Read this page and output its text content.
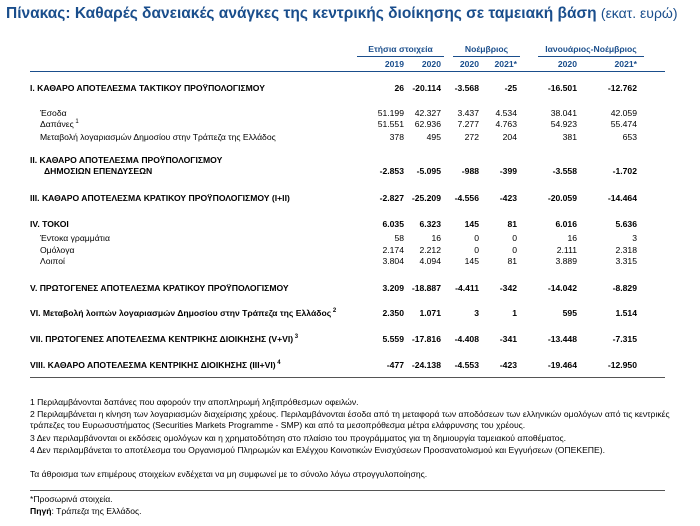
Πίνακας: Καθαρές δανειακές ανάγκες της κεντρικής διοίκησης σε ταμειακή βάση (εκατ. ευρώ)
Ετήσια στοιχεία	Νοέμβριος	Ιανουάριος-Νοέμβριος
2019	2020	2020	2021*	2020	2021*
I. ΚΑΘΑΡΟ ΑΠΟΤΕΛΕΣΜΑ ΤΑΚΤΙΚΟΥ ΠΡΟΫΠΟΛΟΓΙΣΜΟΥ	26 -20.114	-3.568	-25	-16.501	-12.762
Έσοδα	51.199	42.327	3.437	4.534	38.041	42.059
Δαπάνες $^1$	51.551	62.936	7.277	4.763	54.923	55.474
Μεταβολή λογαριασμών Δημοσίου στην Τράπεζα της Ελλάδος	378	495	272	204	381	653
II. ΚΑΘΑΡΟ ΑΠΟΤΕΛΕΣΜΑ ΠΡΟΫΠΟΛΟΓΙΣΜΟΥ
ΔΗΜΟΣΙΩΝ ΕΠΕΝΔΥΣΕΩΝ	-2.853	-5.095	-988	-399	-3.558	-1.702
III. ΚΑΘΑΡΟ ΑΠΟΤΕΛΕΣΜΑ ΚΡΑΤΙΚΟΥ ΠΡΟΫΠΟΛΟΓΙΣΜΟΥ (I+II)	-2.827 -25.209	-4.556	-423	-20.059	-14.464
IV. ΤΟΚΟΙ	6.035	6.323	145	81	6.016	5.636
Έντοκα γραμμάτια	58	16	0	0	16	3
Ομόλογα	2.174	2.212	0	0	2.111	2.318
Λοιποί	3.804	4.094	145	81	3.889	3.315
V. ΠΡΩΤΟΓΕΝΕΣ ΑΠΟΤΕΛΕΣΜΑ ΚΡΑΤΙΚΟΥ ΠΡΟΫΠΟΛΟΓΙΣΜΟΥ	3.209 -18.887	-4.411	-342	-14.042	-8.829
VI. Μεταβολή λοιπών λογαριασμών Δημοσίου στην Τράπεζα της Ελλάδος $^2$	2.350	1.071	3	1	595	1.514
VII. ΠΡΩΤΟΓΕΝΕΣ ΑΠΟΤΕΛΕΣΜΑ ΚΕΝΤΡΙΚΗΣ ΔΙΟΙΚΗΣΗΣ (V+VI) $^3$	5.559 -17.816	-4.408	-341	-13.448	-7.315
VIII. ΚΑΘΑΡΟ ΑΠΟΤΕΛΕΣΜΑ ΚΕΝΤΡΙΚΗΣ ΔΙΟΙΚΗΣΗΣ (III+VI) $^4$	-477 -24.138	-4.553	-423	-19.464	-12.950
1 Περιλαμβάνονται δαπάνες που αφορούν την αποπληρωμή ληξιπρόθεσμων οφειλών.
2 Περιλαμβάνεται η κίνηση των λογαριασμών διαχείρισης χρέους. Περιλαμβάνονται έσοδα από τη μεταφορά των αποδόσεων των ελληνικών ομολόγων από τις κεντρικές τράπεζες του Ευρωσυστήματος (Securities Markets Programme - SMP) και από τα μεσοπρόθεσμα μέτρα ελάφρυνσης του χρέους.
3 Δεν περιλαμβάνονται οι εκδόσεις ομολόγων και η χρηματοδότηση στο πλαίσιο του προγράμματος για τη δημιουργία ταμειακού αποθέματος.
4 Δεν περιλαμβάνεται το αποτέλεσμα του Οργανισμού Πληρωμών και Ελέγχου Κοινοτικών Ενισχύσεων Προσανατολισμού και Εγγυήσεων (ΟΠΕΚΕΠΕ).
Τα άθροισμα των επιμέρους στοιχείων ενδέχεται να μη συμφωνεί με το σύνολο λόγω στρογγυλοποίησης.
*Προσωρινά στοιχεία.
Πηγή: Τράπεζα της Ελλάδος.
